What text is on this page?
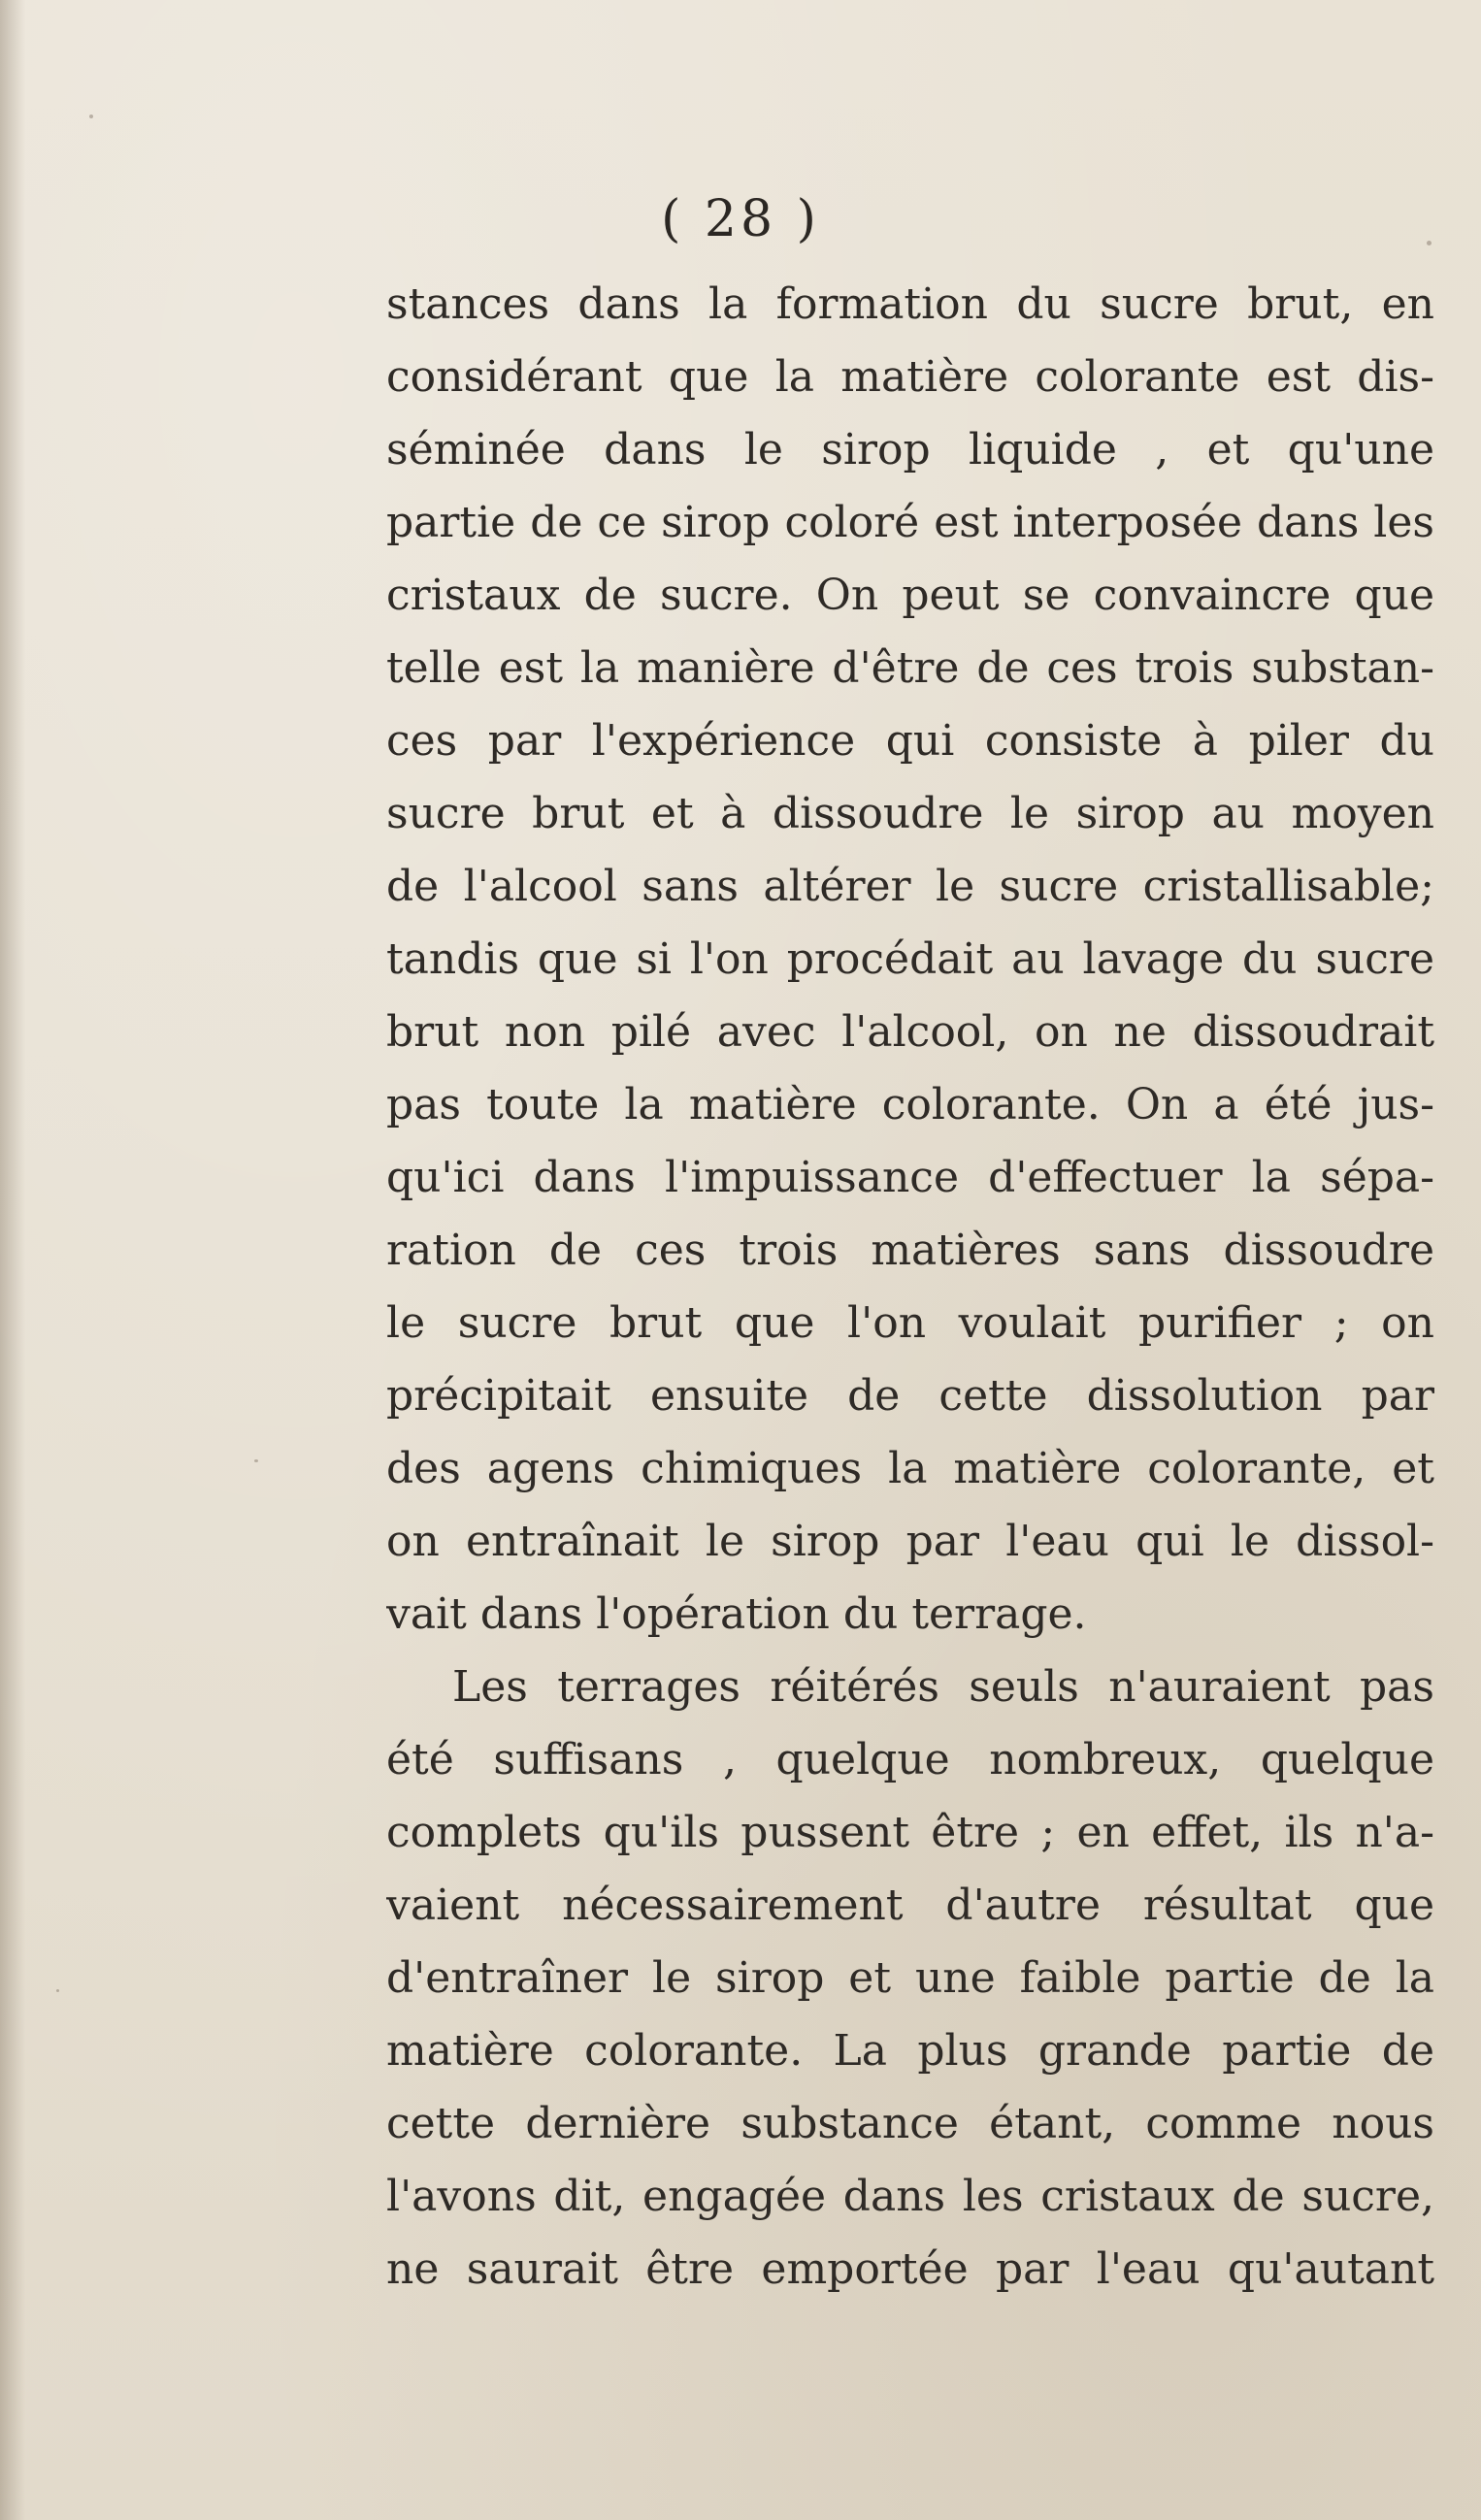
( 28 )
stances dans la formation du sucre brut, en
considérant que la matière colorante est dis-
séminée dans le sirop liquide , et qu'une
partie de ce sirop coloré est interposée dans les
cristaux de sucre. On peut se convaincre que
telle est la manière d'être de ces trois substan-
ces par l'expérience qui consiste à piler du
sucre brut et à dissoudre le sirop au moyen
de l'alcool sans altérer le sucre cristallisable;
tandis que si l'on procédait au lavage du sucre
brut non pilé avec l'alcool, on ne dissoudrait
pas toute la matière colorante. On a été jus-
qu'ici dans l'impuissance d'effectuer la sépa-
ration de ces trois matières sans dissoudre
le sucre brut que l'on voulait purifier ; on
précipitait ensuite de cette dissolution par
des agens chimiques la matière colorante, et
on entraînait le sirop par l'eau qui le dissol-
vait dans l'opération du terrage.
Les terrages réitérés seuls n'auraient pas
été suffisans , quelque nombreux, quelque
complets qu'ils pussent être ; en effet, ils n'a-
vaient nécessairement d'autre résultat que
d'entraîner le sirop et une faible partie de la
matière colorante. La plus grande partie de
cette dernière substance étant, comme nous
l'avons dit, engagée dans les cristaux de sucre,
ne saurait être emportée par l'eau qu'autant
